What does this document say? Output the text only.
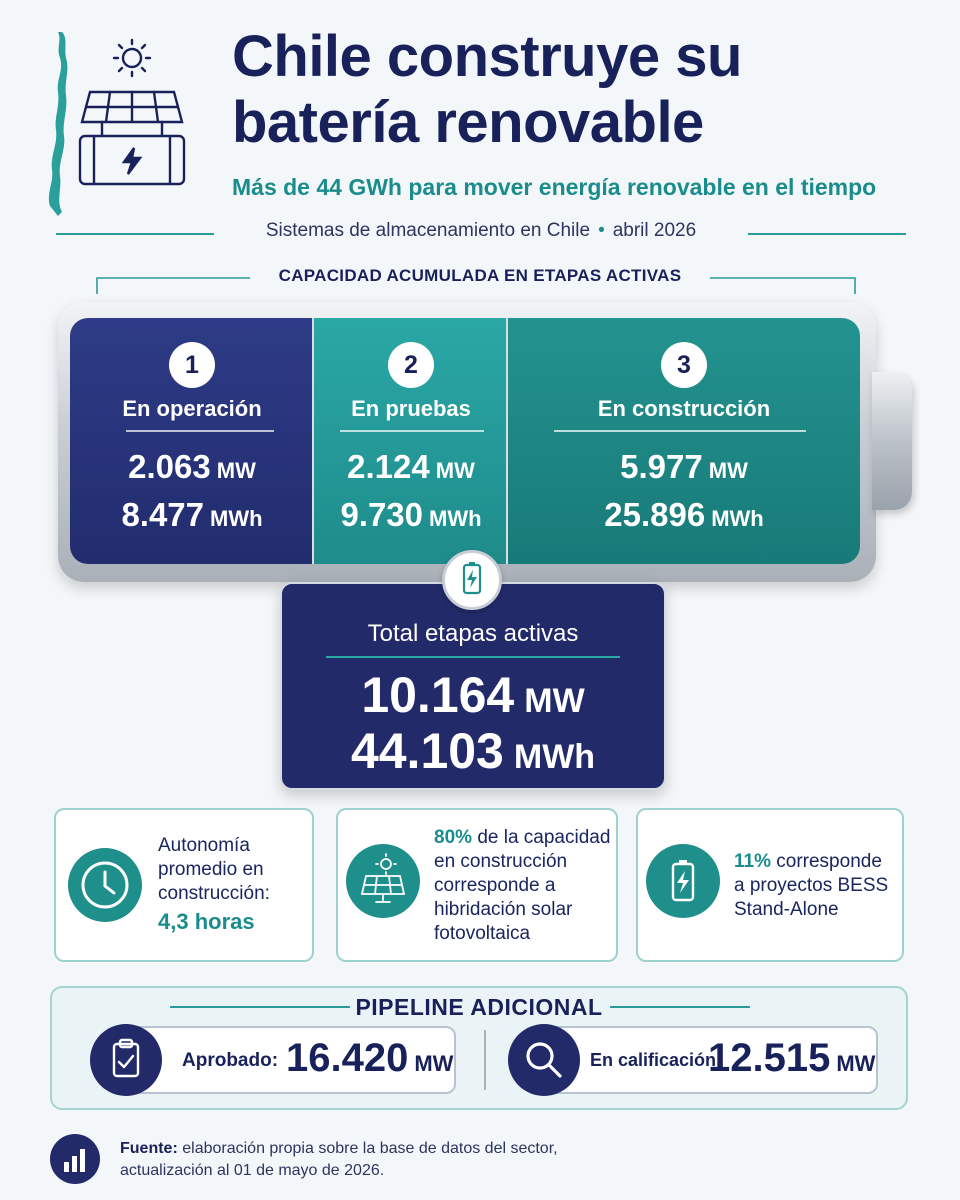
Chile construye su batería renovable
Más de 44 GWh para mover energía renovable en el tiempo
Sistemas de almacenamiento en Chile • abril 2026
CAPACIDAD ACUMULADA EN ETAPAS ACTIVAS
1
En operación
2.063 MW
8.477 MWh
2
En pruebas
2.124 MW
9.730 MWh
3
En construcción
5.977 MW
25.896 MWh
Total etapas activas
10.164 MW
44.103 MWh
Autonomía
promedio en
construcción:
4,3 horas
80% de la capacidad
en construcción
corresponde a
hibridación solar
fotovoltaica
11% corresponde
a proyectos BESS
Stand-Alone
PIPELINE ADICIONAL
Aprobado: 16.420 MW	En calificación:
12.515 MW
Fuente: elaboración propia sobre la base de datos del sector,
actualización al 01 de mayo de 2026.
